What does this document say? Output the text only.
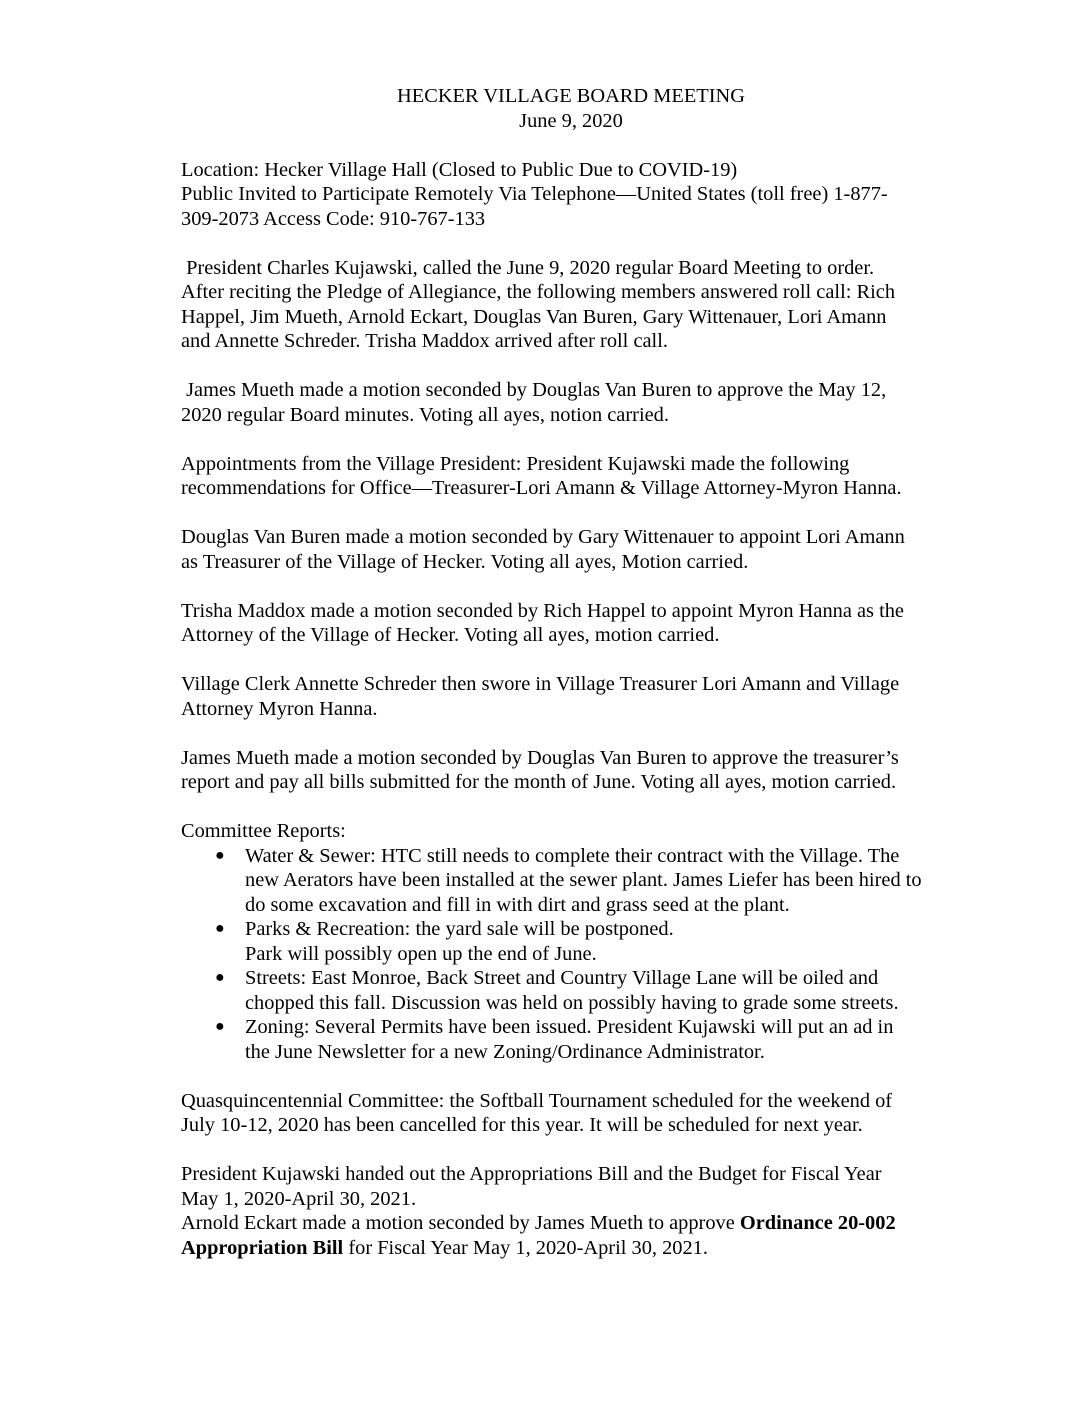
HECKER VILLAGE BOARD MEETING

June 9, 2020

Location: Hecker Village Hall (Closed to Public Due to COVID-19)
Public Invited to Participate Remotely Via Telephone—United States (toll free) 1-877-
309-2073 Access Code: 910-767-133

President Charles Kujawski, called the June 9, 2020 regular Board Meeting to order.
After reciting the Pledge of Allegiance, the following members answered roll call: Rich
Happel, Jim Mueth, Arnold Eckart, Douglas Van Buren, Gary Wittenauer, Lori Amann
and Annette Schreder. Trisha Maddox arrived after roll call.

James Mueth made a motion seconded by Douglas Van Buren to approve the May 12,
2020 regular Board minutes. Voting all ayes, notion carried.

Appointments from the Village President: President Kujawski made the following
recommendations for Office—Treasurer-Lori Amann & Village Attorney-Myron Hanna.

Douglas Van Buren made a motion seconded by Gary Wittenauer to appoint Lori Amann
as Treasurer of the Village of Hecker. Voting all ayes, Motion carried.

Trisha Maddox made a motion seconded by Rich Happel to appoint Myron Hanna as the
Attorney of the Village of Hecker. Voting all ayes, motion carried.

Village Clerk Annette Schreder then swore in Village Treasurer Lori Amann and Village
Attorney Myron Hanna.

James Mueth made a motion seconded by Douglas Van Buren to approve the treasurer’s
report and pay all bills submitted for the month of June. Voting all ayes, motion carried.

Committee Reports:
● Water & Sewer: HTC still needs to complete their contract with the Village. The
new Aerators have been installed at the sewer plant. James Liefer has been hired to
do some excavation and fill in with dirt and grass seed at the plant.
● Parks & Recreation: the yard sale will be postponed.
Park will possibly open up the end of June.
● Streets: East Monroe, Back Street and Country Village Lane will be oiled and
chopped this fall. Discussion was held on possibly having to grade some streets.
● Zoning: Several Permits have been issued. President Kujawski will put an ad in
the June Newsletter for a new Zoning/Ordinance Administrator.

Quasquincentennial Committee: the Softball Tournament scheduled for the weekend of
July 10-12, 2020 has been cancelled for this year. It will be scheduled for next year.

President Kujawski handed out the Appropriations Bill and the Budget for Fiscal Year
May 1, 2020-April 30, 2021.
Arnold Eckart made a motion seconded by James Mueth to approve Ordinance 20-002
Appropriation Bill for Fiscal Year May 1, 2020-April 30, 2021.
